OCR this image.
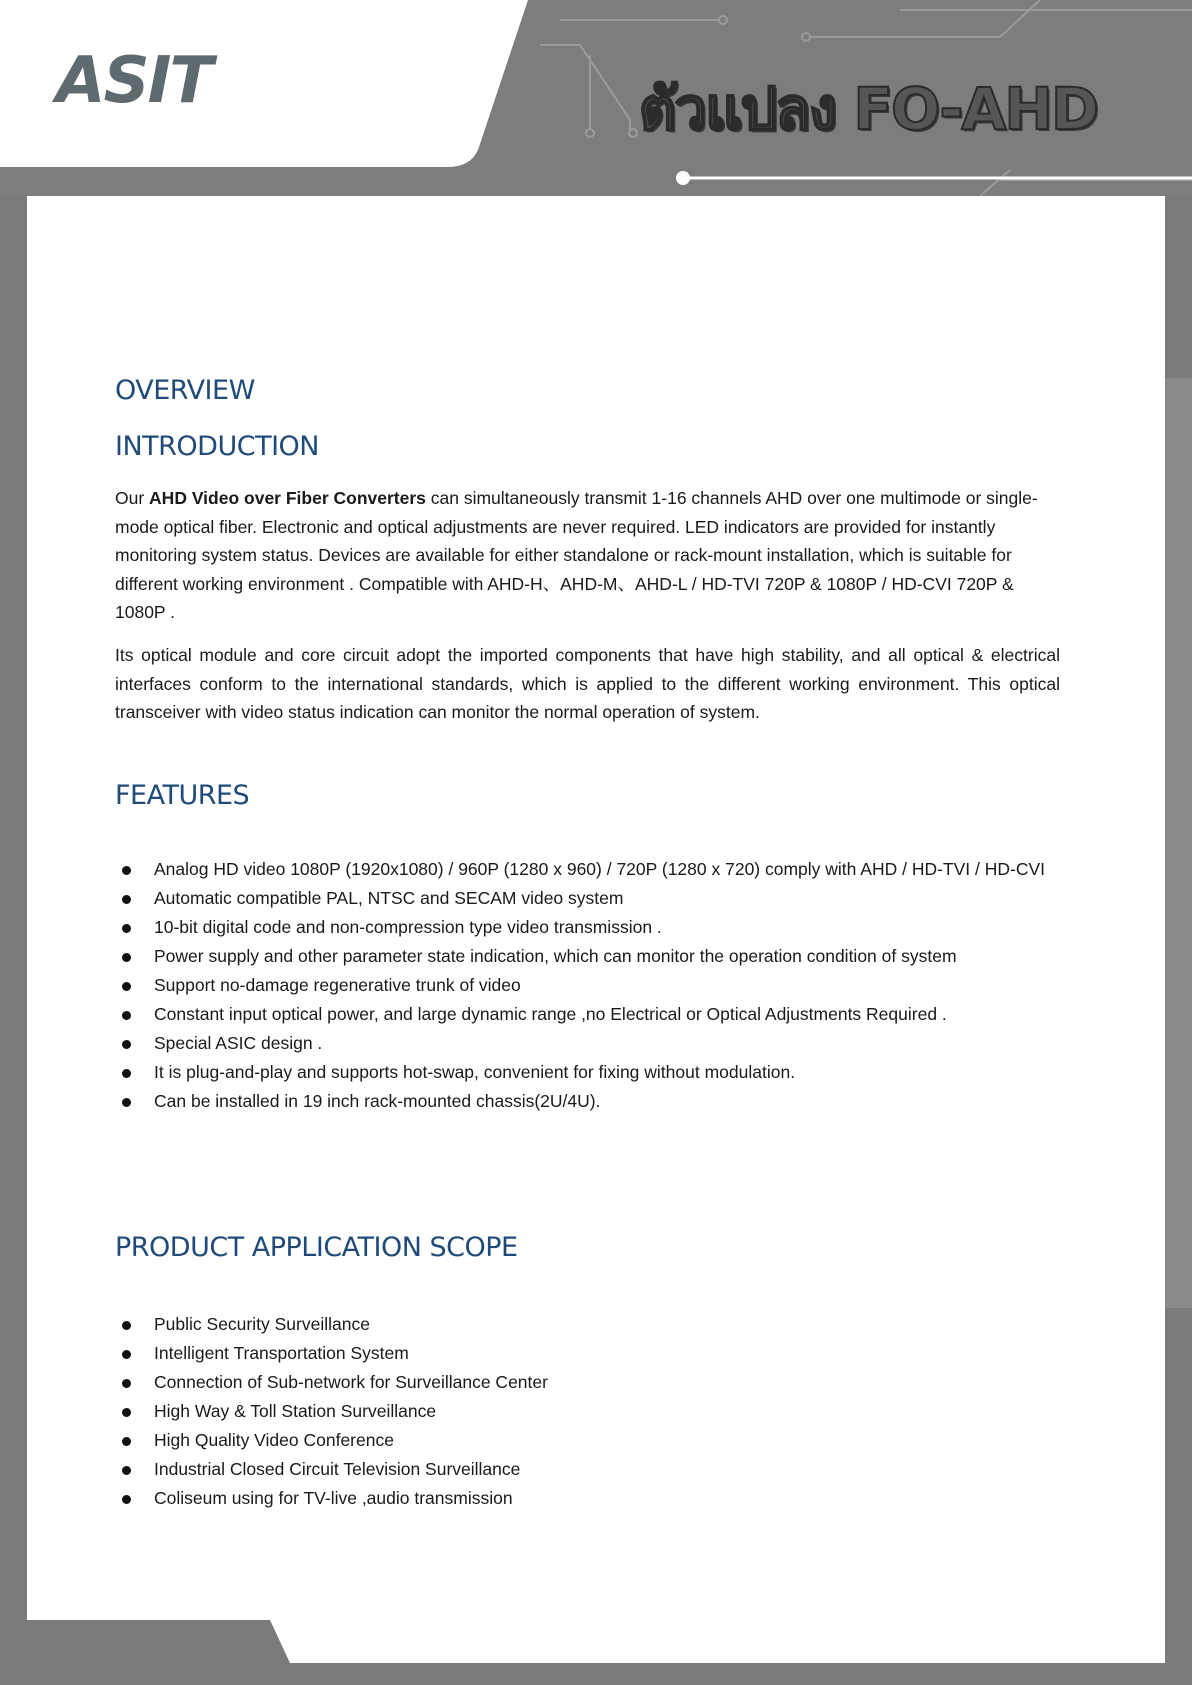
ASIT	ตัวแปลง FO-AHD
OVERVIEW
INTRODUCTION

Our AHD Video over Fiber Converters can simultaneously transmit 1-16 channels AHD over one multimode or single-mode optical fiber. Electronic and optical adjustments are never required. LED indicators are provided for instantly monitoring system status. Devices are available for either standalone or rack-mount installation, which is suitable for different working environment . Compatible with AHD-H、AHD-M、AHD-L / HD-TVI 720P & 1080P / HD-CVI 720P & 1080P .

Its optical module and core circuit adopt the imported components that have high stability, and all optical & electrical interfaces conform to the international standards, which is applied to the different working environment. This optical transceiver with video status indication can monitor the normal operation of system.

FEATURES
Analog HD video 1080P (1920x1080) / 960P (1280 x 960) / 720P (1280 x 720) comply with AHD / HD-TVI / HD-CVI
Automatic compatible PAL, NTSC and SECAM video system
10-bit digital code and non-compression type video transmission .
Power supply and other parameter state indication, which can monitor the operation condition of system
Support no-damage regenerative trunk of video
Constant input optical power, and large dynamic range ,no Electrical or Optical Adjustments Required .
Special ASIC design .
It is plug-and-play and supports hot-swap, convenient for fixing without modulation.
Can be installed in 19 inch rack-mounted chassis(2U/4U).
PRODUCT APPLICATION SCOPE
Public Security Surveillance
Intelligent Transportation System
Connection of Sub-network for Surveillance Center
High Way & Toll Station Surveillance
High Quality Video Conference
Industrial Closed Circuit Television Surveillance
Coliseum using for TV-live ,audio transmission
